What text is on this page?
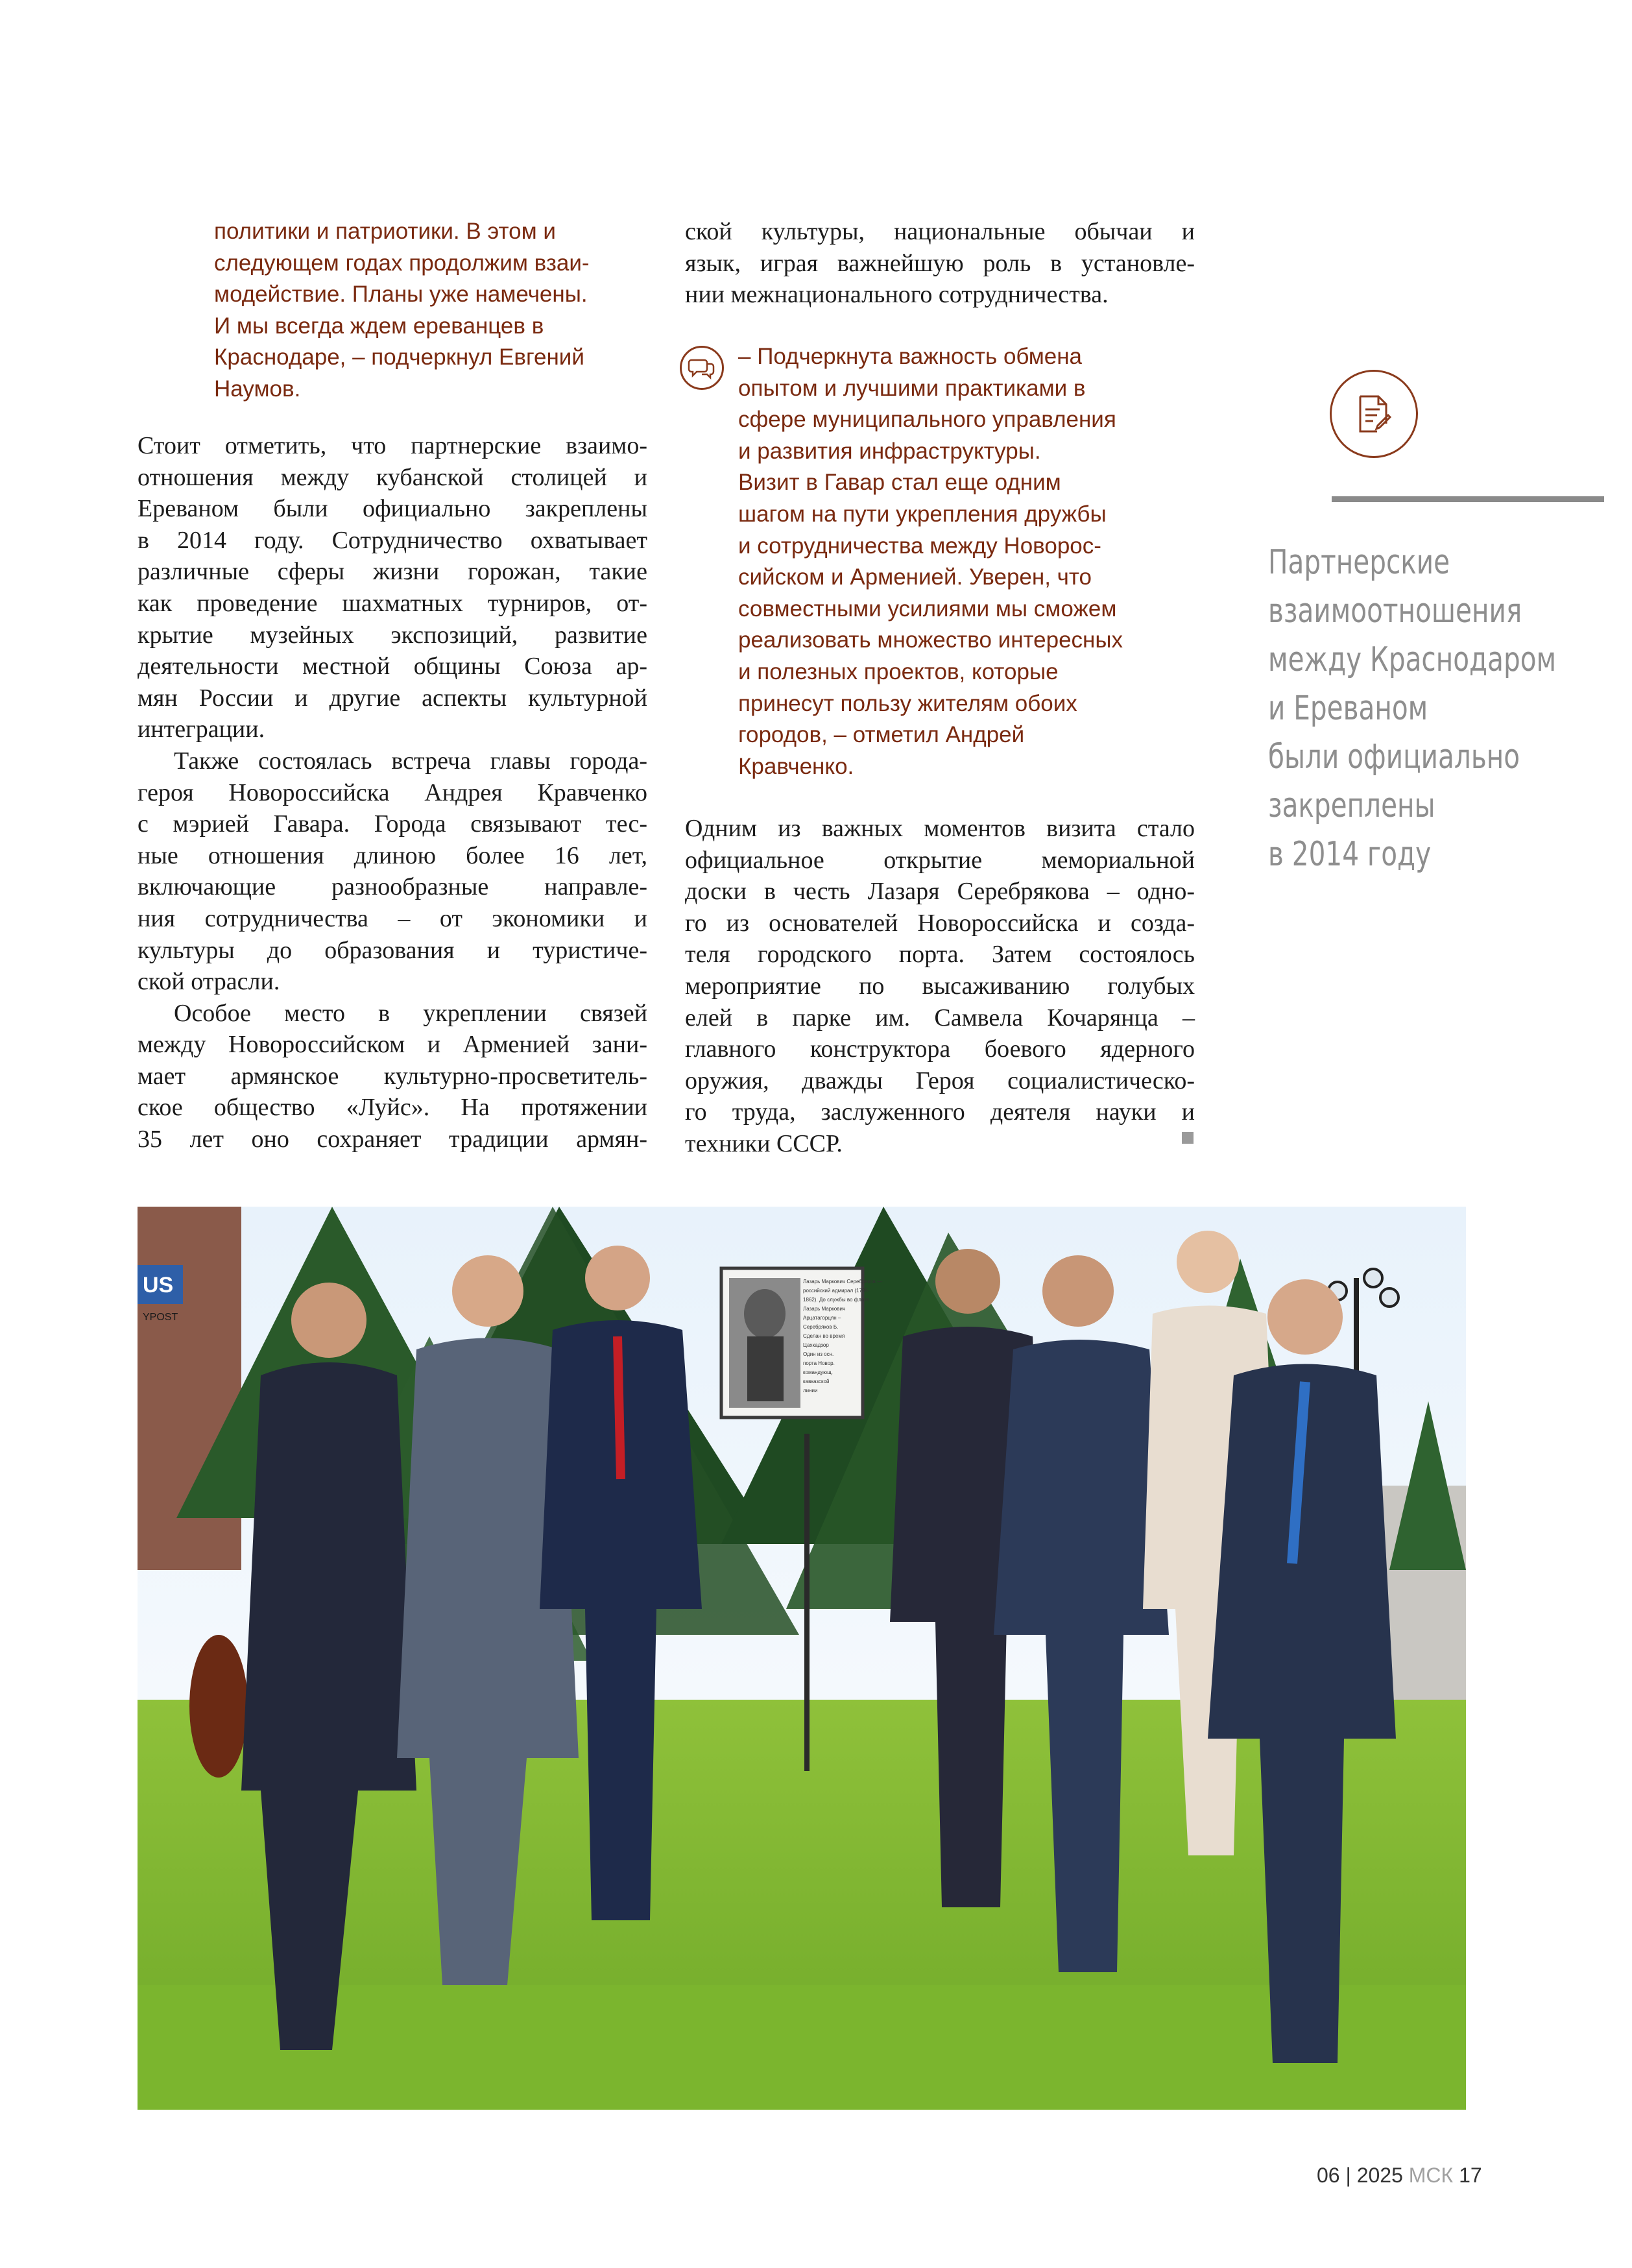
политики и патриотики. В этом и
следующем годах продолжим взаи-
модействие. Планы уже намечены.
И мы всегда ждем ереванцев в
Краснодаре, – подчеркнул Евгений
Наумов.
Стоит отметить, что партнерские взаимо-
отношения между кубанской столицей и
Ереваном были официально закреплены
в 2014 году. Сотрудничество охватывает
различные сферы жизни горожан, такие
как проведение шахматных турниров, от-
крытие музейных экспозиций, развитие
деятельности местной общины Союза ар-
мян России и другие аспекты культурной
интеграции.
Также состоялась встреча главы города-
героя Новороссийска Андрея Кравченко
с мэрией Гавара. Города связывают тес-
ные отношения длиною более 16 лет,
включающие разнообразные направле-
ния сотрудничества – от экономики и
культуры до образования и туристиче-
ской отрасли.
Особое место в укреплении связей
между Новороссийском и Арменией зани-
мает армянское культурно-просветитель-
ское общество «Луйс». На протяжении
35 лет оно сохраняет традиции армян-
ской культуры, национальные обычаи и
язык, играя важнейшую роль в установле-
нии межнационального сотрудничества.
– Подчеркнута важность обмена
опытом и лучшими практиками в
сфере муниципального управления
и развития инфраструктуры.
Визит в Гавар стал еще одним
шагом на пути укрепления дружбы
и сотрудничества между Новорос-
сийском и Арменией. Уверен, что
совместными усилиями мы сможем
реализовать множество интересных
и полезных проектов, которые
принесут пользу жителям обоих
городов, – отметил Андрей
Кравченко.
Одним из важных моментов визита стало
официальное открытие мемориальной
доски в честь Лазаря Серебрякова – одно-
го из основателей Новороссийска и созда-
теля городского порта. Затем состоялось
мероприятие по высаживанию голубых
елей в парке им. Самвела Кочарянца –
главного конструктора боевого ядерного
оружия, дважды Героя социалистическо-
го труда, заслуженного деятеля науки и
техники СССР.
Партнерские
взаимоотношения
между Краснодаром
и Ереваном
были официально
закреплены
в 2014 году
US
YPOST
Лазарь Маркович Серебряков — российский адмирал (1795- 1862). До службы во флоте Лазарь Маркович Арцатагорцян – Серебряков Б. Сделан во время Цахкадзор Один из осн. порта Новор. командующ. кавказской линии
06 | 2025 МСК 17
